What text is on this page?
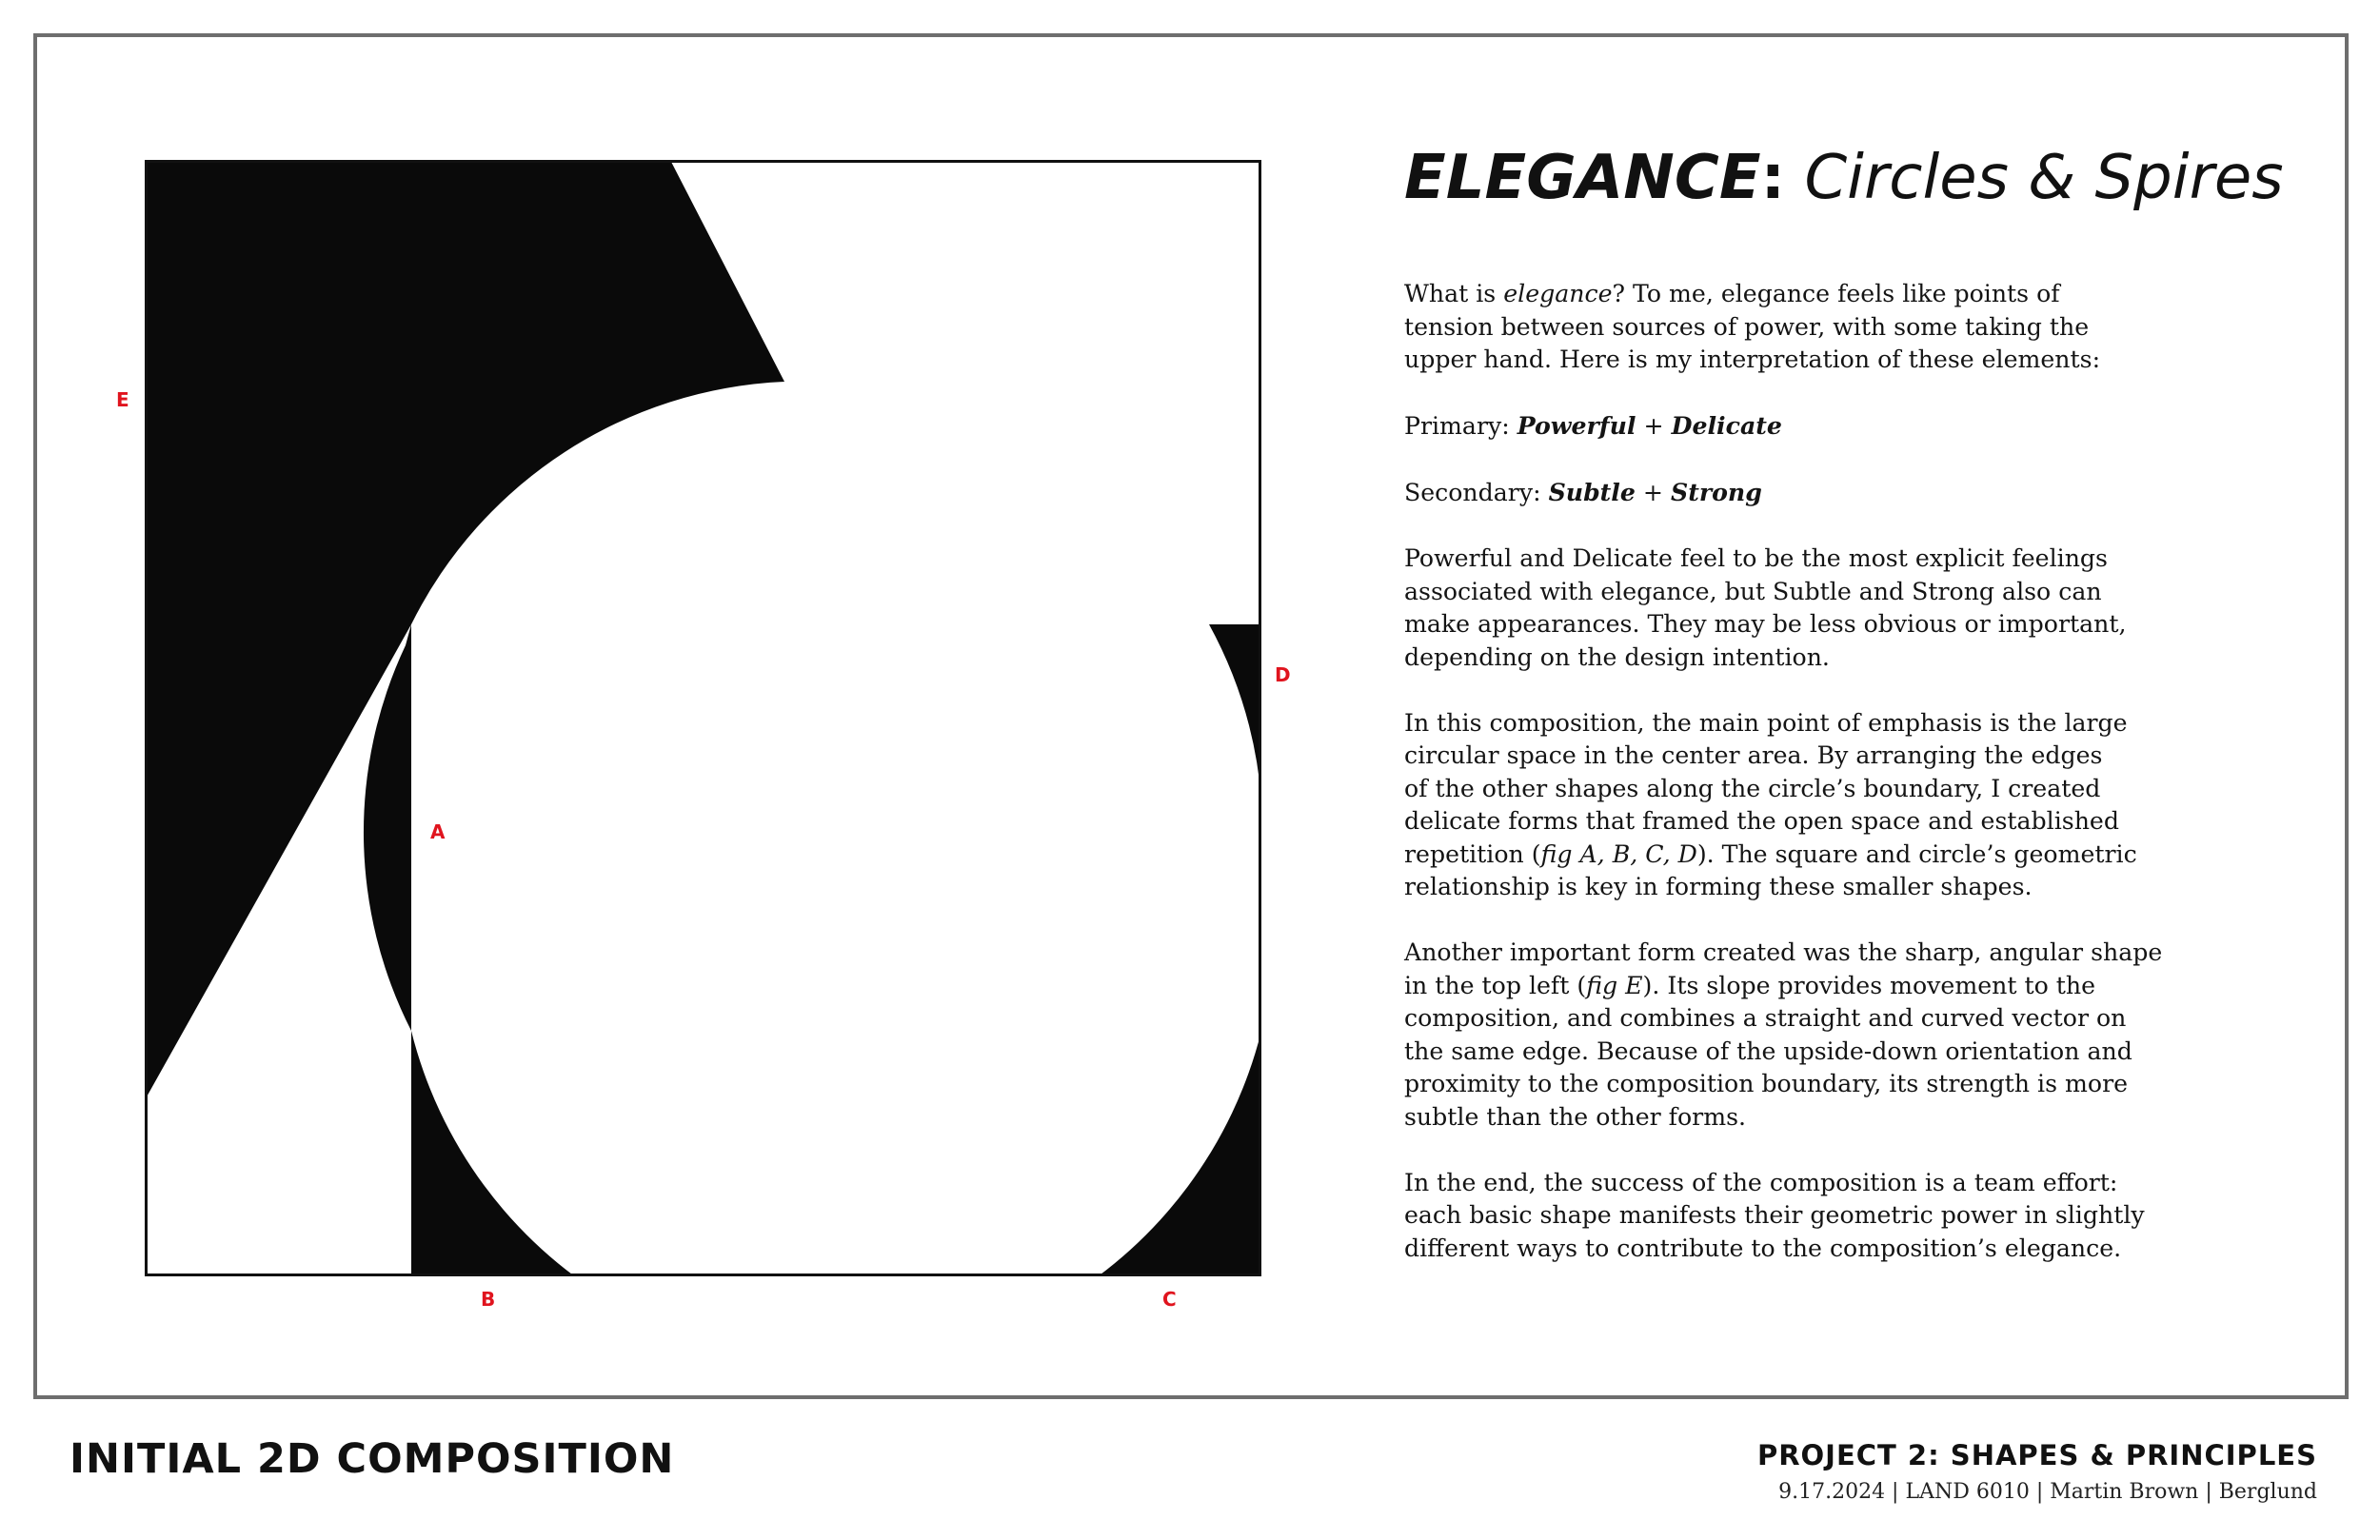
E
A
D
B	C
ELEGANCE: Circles & Spires

What is elegance? To me, elegance feels like points of
tension between sources of power, with some taking the
upper hand. Here is my interpretation of these elements:

Primary: Powerful + Delicate

Secondary: Subtle + Strong

Powerful and Delicate feel to be the most explicit feelings
associated with elegance, but Subtle and Strong also can
make appearances. They may be less obvious or important,
depending on the design intention.

In this composition, the main point of emphasis is the large
circular space in the center area. By arranging the edges
of the other shapes along the circle’s boundary, I created
delicate forms that framed the open space and established
repetition (fig A, B, C, D). The square and circle’s geometric
relationship is key in forming these smaller shapes.

Another important form created was the sharp, angular shape
in the top left (fig E). Its slope provides movement to the
composition, and combines a straight and curved vector on
the same edge. Because of the upside-down orientation and
proximity to the composition boundary, its strength is more
subtle than the other forms.

In the end, the success of the composition is a team effort:
each basic shape manifests their geometric power in slightly
different ways to contribute to the composition’s elegance.

INITIAL 2D COMPOSITION	PROJECT 2: SHAPES & PRINCIPLES
9.17.2024 | LAND 6010 | Martin Brown | Berglund
